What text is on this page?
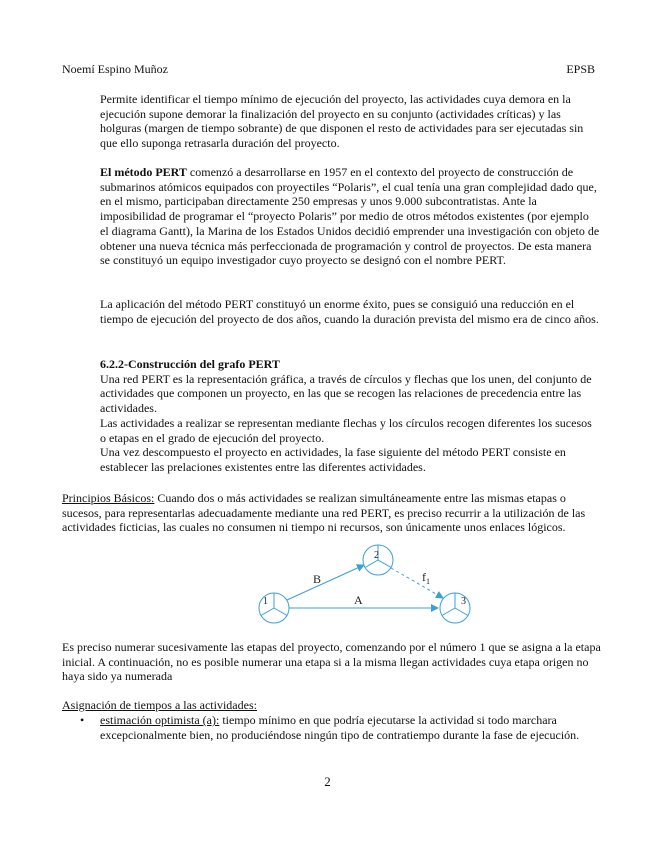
Noemí Espino Muñoz	EPSB

Permite identificar el tiempo mínimo de ejecución del proyecto, las actividades cuya demora en la ejecución supone demorar la finalización del proyecto en su conjunto (actividades críticas) y las holguras (margen de tiempo sobrante) de que disponen el resto de actividades para ser ejecutadas sin que ello suponga retrasarla duración del proyecto.

El método PERT comenzó a desarrollarse en 1957 en el contexto del proyecto de construcción de submarinos atómicos equipados con proyectiles “Polaris”, el cual tenía una gran complejidad dado que, en el mismo, participaban directamente 250 empresas y unos 9.000 subcontratistas. Ante la imposibilidad de programar el “proyecto Polaris” por medio de otros métodos existentes (por ejemplo el diagrama Gantt), la Marina de los Estados Unidos decidió emprender una investigación con objeto de obtener una nueva técnica más perfeccionada de programación y control de proyectos. De esta manera se constituyó un equipo investigador cuyo proyecto se designó con el nombre PERT.

La aplicación del método PERT constituyó un enorme éxito, pues se consiguió una reducción en el tiempo de ejecución del proyecto de dos años, cuando la duración prevista del mismo era de cinco años.

6.2.2-Construcción del grafo PERT

Una red PERT es la representación gráfica, a través de círculos y flechas que los unen, del conjunto de actividades que componen un proyecto, en las que se recogen las relaciones de precedencia entre las actividades.

Las actividades a realizar se representan mediante flechas y los círculos recogen diferentes los sucesos o etapas en el grado de ejecución del proyecto.

Una vez descompuesto el proyecto en actividades, la fase siguiente del método PERT consiste en establecer las prelaciones existentes entre las diferentes actividades.

Principios Básicos: Cuando dos o más actividades se realizan simultáneamente entre las mismas etapas o sucesos, para representarlas adecuadamente mediante una red PERT, es preciso recurrir a la utilización de las actividades ficticias, las cuales no consumen ni tiempo ni recursos, son únicamente unos enlaces lógicos.

1
2
3
B
A
$f_1$

Es preciso numerar sucesivamente las etapas del proyecto, comenzando por el número 1 que se asigna a la etapa inicial. A continuación, no es posible numerar una etapa si a la misma llegan actividades cuya etapa origen no haya sido ya numerada

Asignación de tiempos a las actividades:

• estimación optimista (a): tiempo mínimo en que podría ejecutarse la actividad si todo marchara excepcionalmente bien, no produciéndose ningún tipo de contratiempo durante la fase de ejecución.

2
